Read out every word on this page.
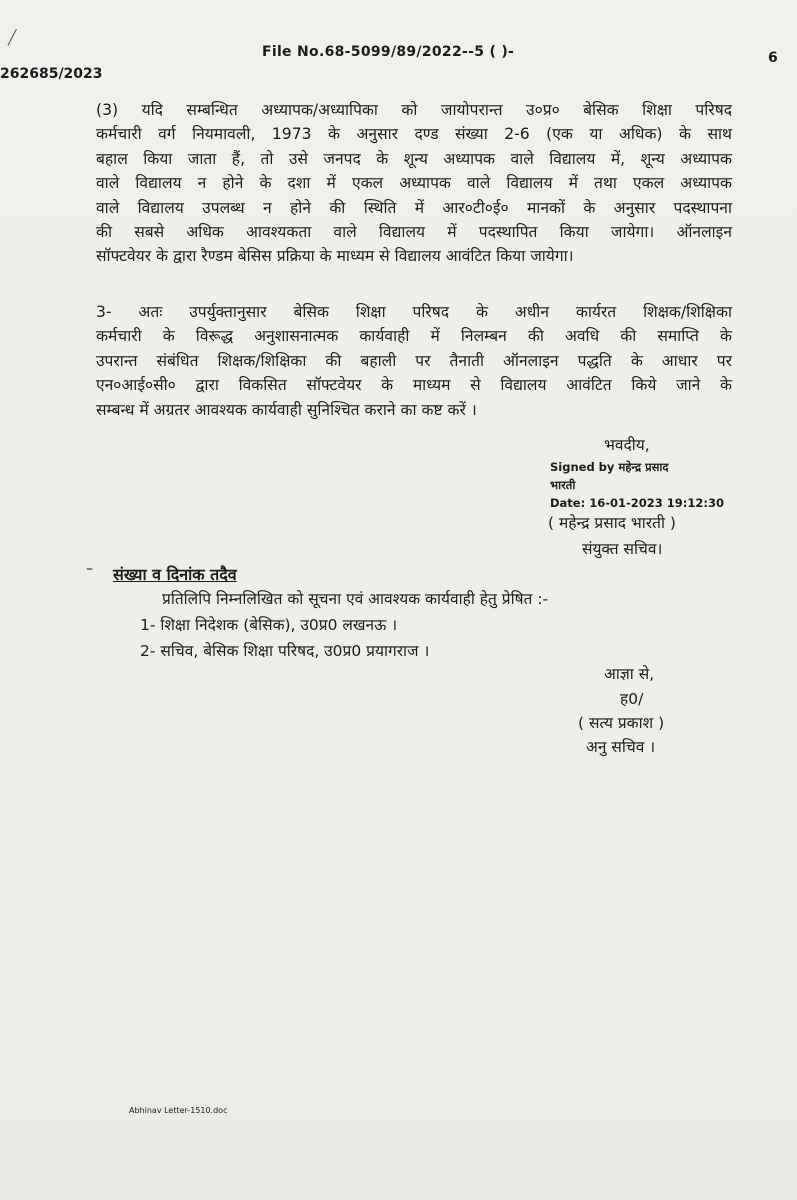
╱
File No.68-5099/89/2022--5 ( )-	6
262685/2023
(3) यदि सम्बन्धित अध्यापक/अध्यापिका को जायोपरान्त उ०प्र० बेसिक शिक्षा परिषद
कर्मचारी वर्ग नियमावली, 1973 के अनुसार दण्ड संख्या 2-6 (एक या अधिक) के साथ
बहाल किया जाता हैं, तो उसे जनपद के शून्य अध्यापक वाले विद्यालय में, शून्य अध्यापक
वाले विद्यालय न होने के दशा में एकल अध्यापक वाले विद्यालय में तथा एकल अध्यापक
वाले विद्यालय उपलब्ध न होने की स्थिति में आर०टी०ई० मानकों के अनुसार पदस्थापना
की सबसे अधिक आवश्यकता वाले विद्यालय में पदस्थापित किया जायेगा। ऑनलाइन
सॉफ्टवेयर के द्वारा रैण्डम बेसिस प्रक्रिया के माध्यम से विद्यालय आवंटित किया जायेगा।
3- अतः उपर्युक्तानुसार बेसिक शिक्षा परिषद के अधीन कार्यरत शिक्षक/शिक्षिका
कर्मचारी के विरूद्ध अनुशासनात्मक कार्यवाही में निलम्बन की अवधि की समाप्ति के
उपरान्त संबंधित शिक्षक/शिक्षिका की बहाली पर तैनाती ऑनलाइन पद्धति के आधार पर
एन०आई०सी० द्वारा विकसित सॉफ्टवेयर के माध्यम से विद्यालय आवंटित किये जाने के
सम्बन्ध में अग्रतर आवश्यक कार्यवाही सुनिश्चित कराने का कष्ट करें ।
भवदीय,
Signed by महेन्द्र प्रसाद
भारती
Date: 16-01-2023 19:12:30
( महेन्द्र प्रसाद भारती )
संयुक्त सचिव।
– संख्या व दिनांक तदैव
प्रतिलिपि निम्नलिखित को सूचना एवं आवश्यक कार्यवाही हेतु प्रेषित :-
1- शिक्षा निदेशक (बेसिक), उ0प्र0 लखनऊ ।
2- सचिव, बेसिक शिक्षा परिषद, उ0प्र0 प्रयागराज ।
आज्ञा से,
ह0/
( सत्य प्रकाश )
अनु सचिव ।
Abhinav Letter-1510.doc
